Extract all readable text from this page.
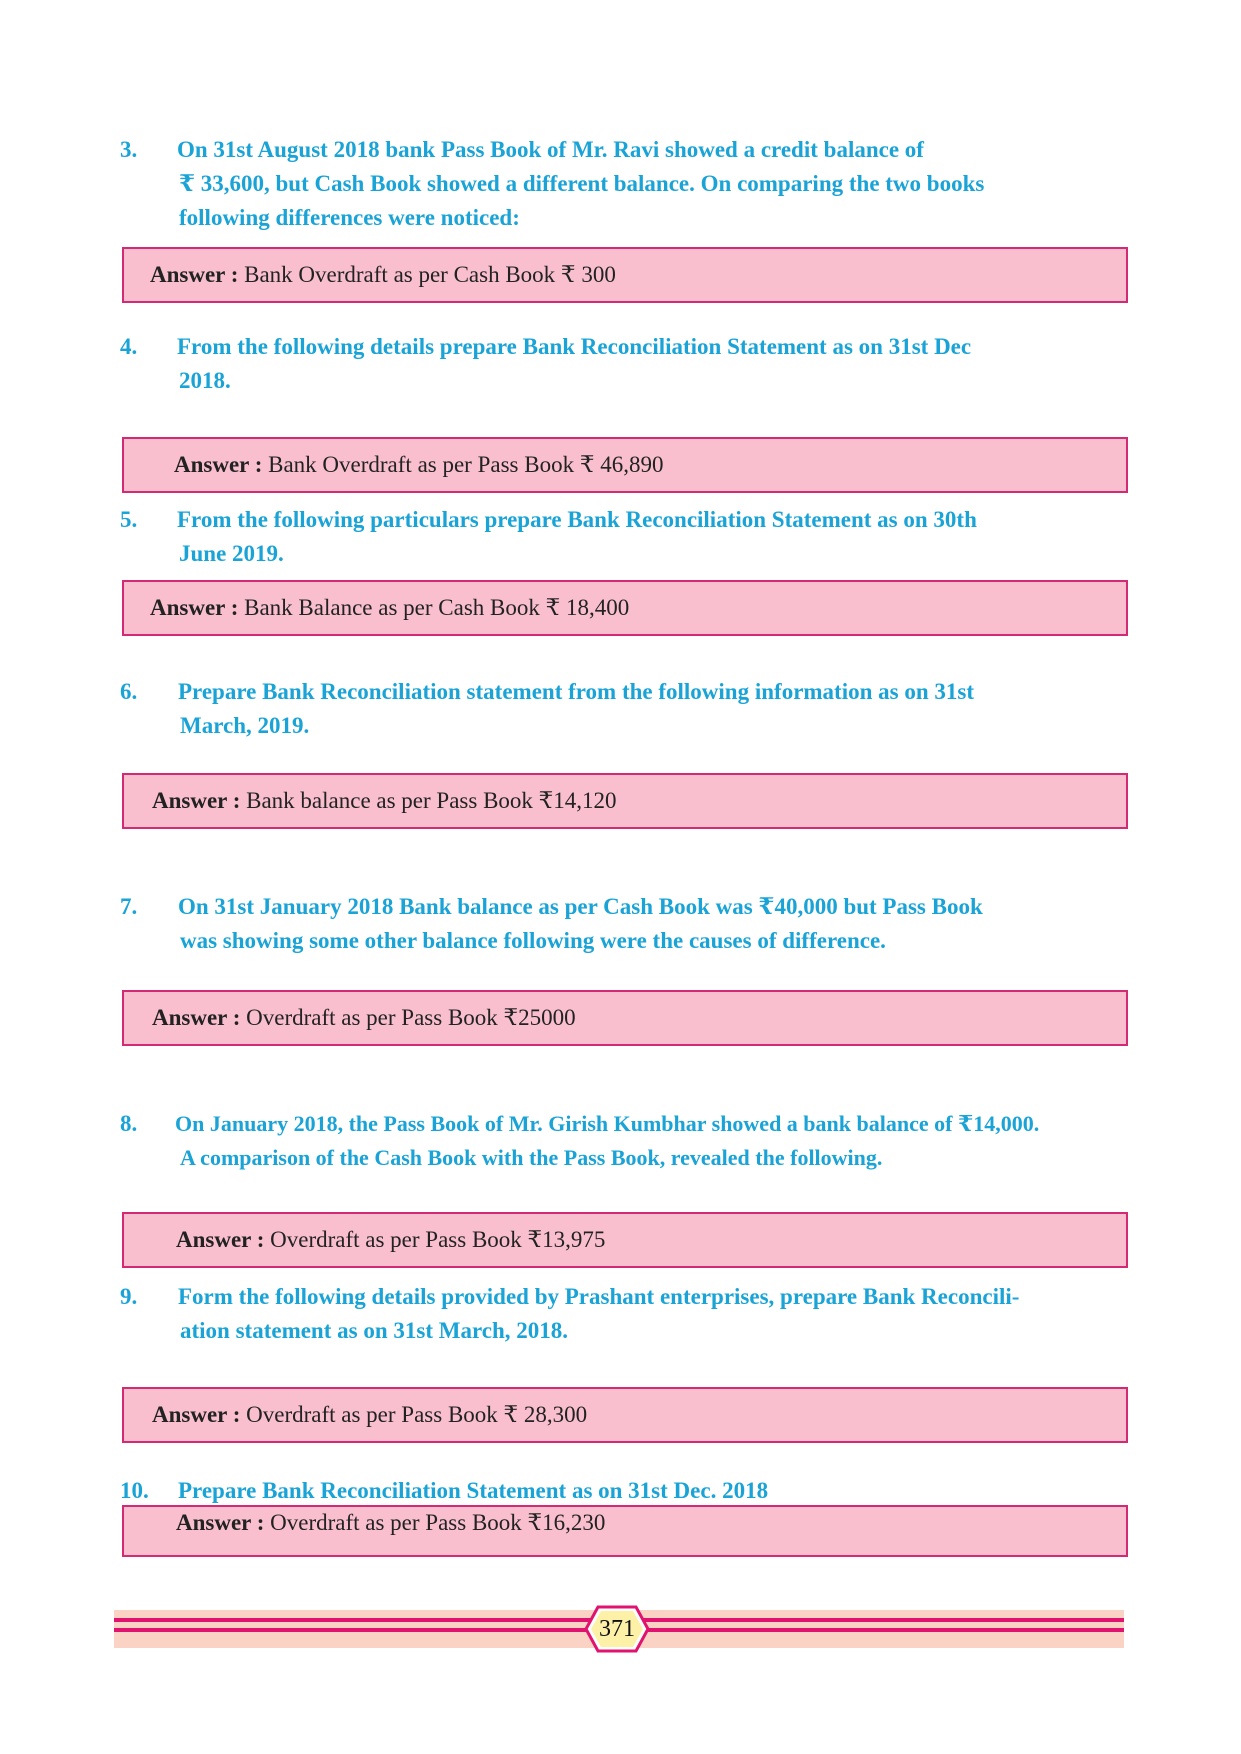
3. On 31st August 2018 bank Pass Book of Mr. Ravi showed a credit balance of
₹ 33,600, but Cash Book showed a different balance. On comparing the two books
following differences were noticed:
Answer : Bank Overdraft as per Cash Book ₹ 300
4. From the following details prepare Bank Reconciliation Statement as on 31st Dec
2018.
Answer : Bank Overdraft as per Pass Book ₹ 46,890
5. From the following particulars prepare Bank Reconciliation Statement as on 30th
June 2019.
Answer : Bank Balance as per Cash Book ₹ 18,400
6. Prepare Bank Reconciliation statement from the following information as on 31st
March, 2019.
Answer : Bank balance as per Pass Book ₹14,120
7. On 31st January 2018 Bank balance as per Cash Book was ₹40,000 but Pass Book
was showing some other balance following were the causes of difference.
Answer : Overdraft as per Pass Book ₹25000
8. On January 2018, the Pass Book of Mr. Girish Kumbhar showed a bank balance of ₹14,000.
A comparison of the Cash Book with the Pass Book, revealed the following.
Answer : Overdraft as per Pass Book ₹13,975
9. Form the following details provided by Prashant enterprises, prepare Bank Reconcili-
ation statement as on 31st March, 2018.
Answer : Overdraft as per Pass Book ₹ 28,300
10. Prepare Bank Reconciliation Statement as on 31st Dec. 2018
Answer : Overdraft as per Pass Book ₹16,230
371
